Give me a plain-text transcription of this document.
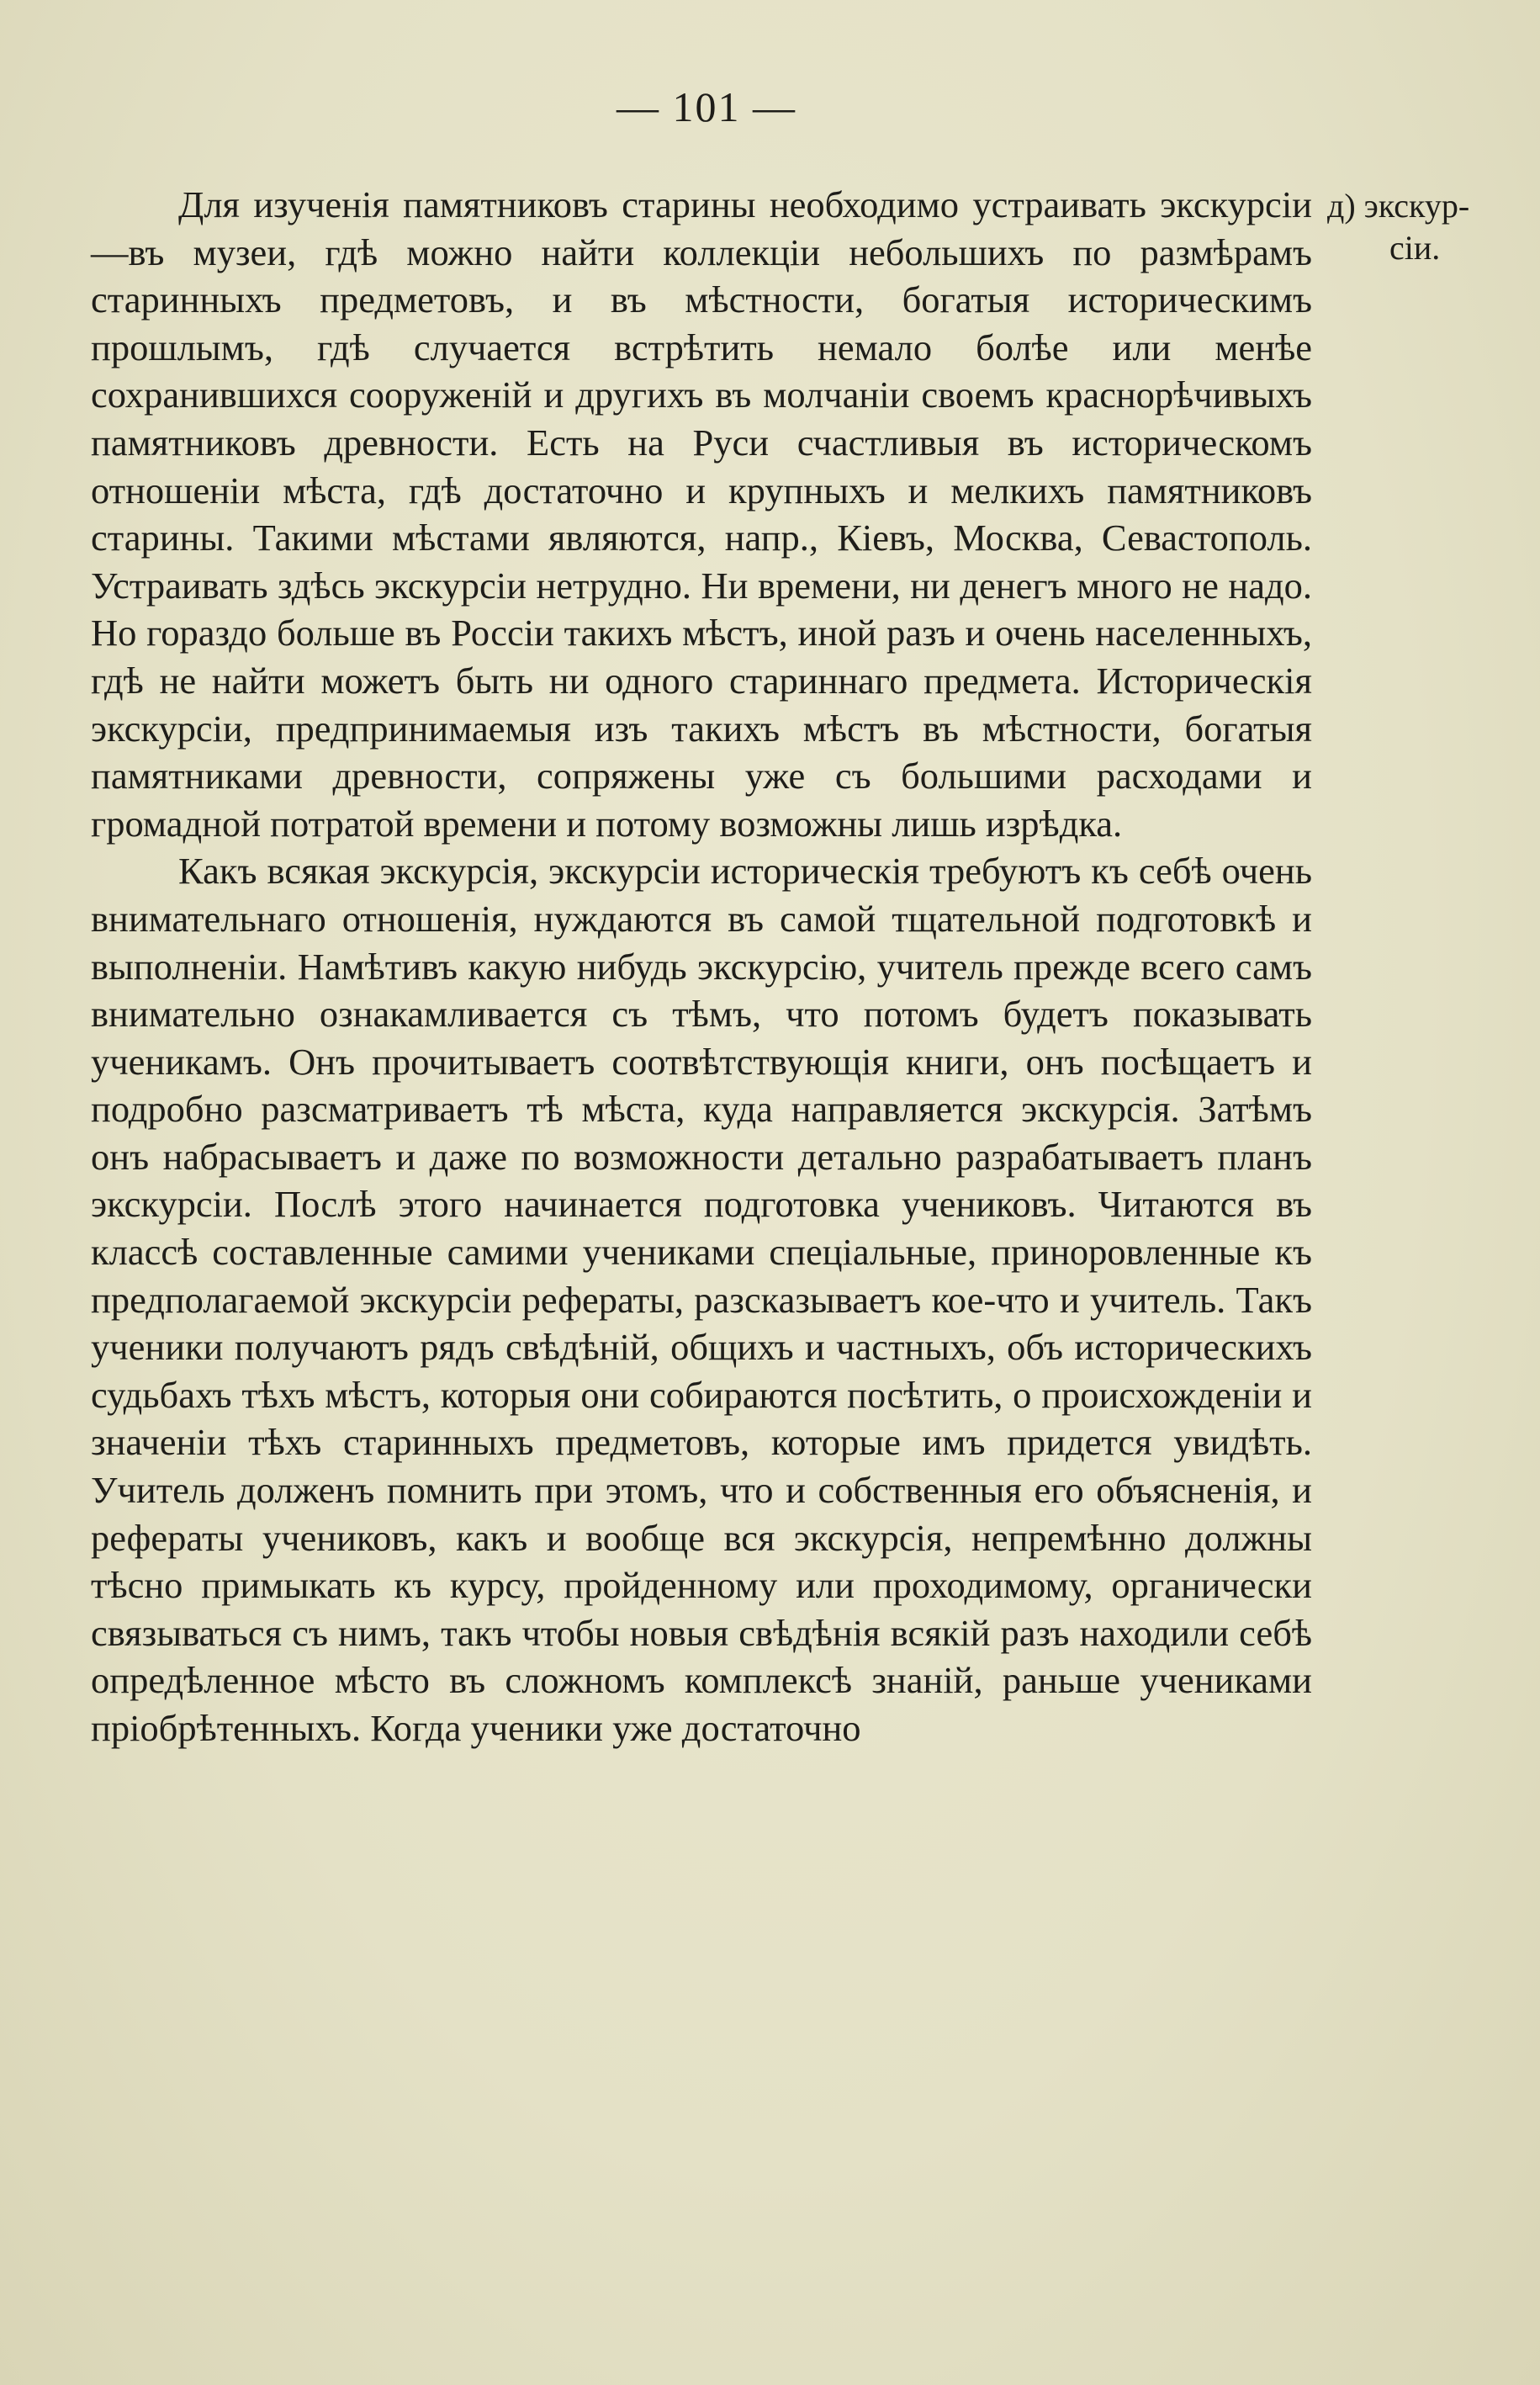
— 101 —
д) экскур-
сіи.

Для изученія памятниковъ старины необходимо устраивать экскурсіи—въ музеи, гдѣ можно найти коллекціи небольшихъ по размѣрамъ старинныхъ предметовъ, и въ мѣстности, богатыя историческимъ прошлымъ, гдѣ случается встрѣтить немало болѣе или менѣе сохранившихся сооруженій и другихъ въ молчаніи своемъ краснорѣчивыхъ памятниковъ древности. Есть на Руси счастливыя въ историческомъ отношеніи мѣста, гдѣ достаточно и крупныхъ и мелкихъ памятниковъ старины. Такими мѣстами являются, напр., Кіевъ, Москва, Севастополь. Устраивать здѣсь экскурсіи нетрудно. Ни времени, ни денегъ много не надо. Но гораздо больше въ Россіи такихъ мѣстъ, иной разъ и очень населенныхъ, гдѣ не найти можетъ быть ни одного стариннаго предмета. Историческія экскурсіи, предпринимаемыя изъ такихъ мѣстъ въ мѣстности, богатыя памятниками древности, сопряжены уже съ большими расходами и громадной потратой времени и потому возможны лишь изрѣдка.

Какъ всякая экскурсія, экскурсіи историческія требуютъ къ себѣ очень внимательнаго отношенія, нуждаются въ самой тщательной подготовкѣ и выполненіи. Намѣтивъ какую нибудь экскурсію, учитель прежде всего самъ внимательно ознакамливается съ тѣмъ, что потомъ будетъ показывать ученикамъ. Онъ прочитываетъ соотвѣтствующія книги, онъ посѣщаетъ и подробно разсматриваетъ тѣ мѣста, куда направляется экскурсія. Затѣмъ онъ набрасываетъ и даже по возможности детально разрабатываетъ планъ экскурсіи. Послѣ этого начинается подготовка учениковъ. Читаются въ классѣ составленные самими учениками спеціальные, приноровленные къ предполагаемой экскурсіи рефераты, разсказываетъ кое-что и учитель. Такъ ученики получаютъ рядъ свѣдѣній, общихъ и частныхъ, объ историческихъ судьбахъ тѣхъ мѣстъ, которыя они собираются посѣтить, о происхожденіи и значеніи тѣхъ старинныхъ предметовъ, которые имъ придется увидѣть. Учитель долженъ помнить при этомъ, что и собственныя его объясненія, и рефераты учениковъ, какъ и вообще вся экскурсія, непремѣнно должны тѣсно примыкать къ курсу, пройденному или проходимому, органически связываться съ нимъ, такъ чтобы новыя свѣдѣнія всякій разъ находили себѣ опредѣленное мѣсто въ сложномъ комплексѣ знаній, раньше учениками пріобрѣтенныхъ. Когда ученики уже достаточно
